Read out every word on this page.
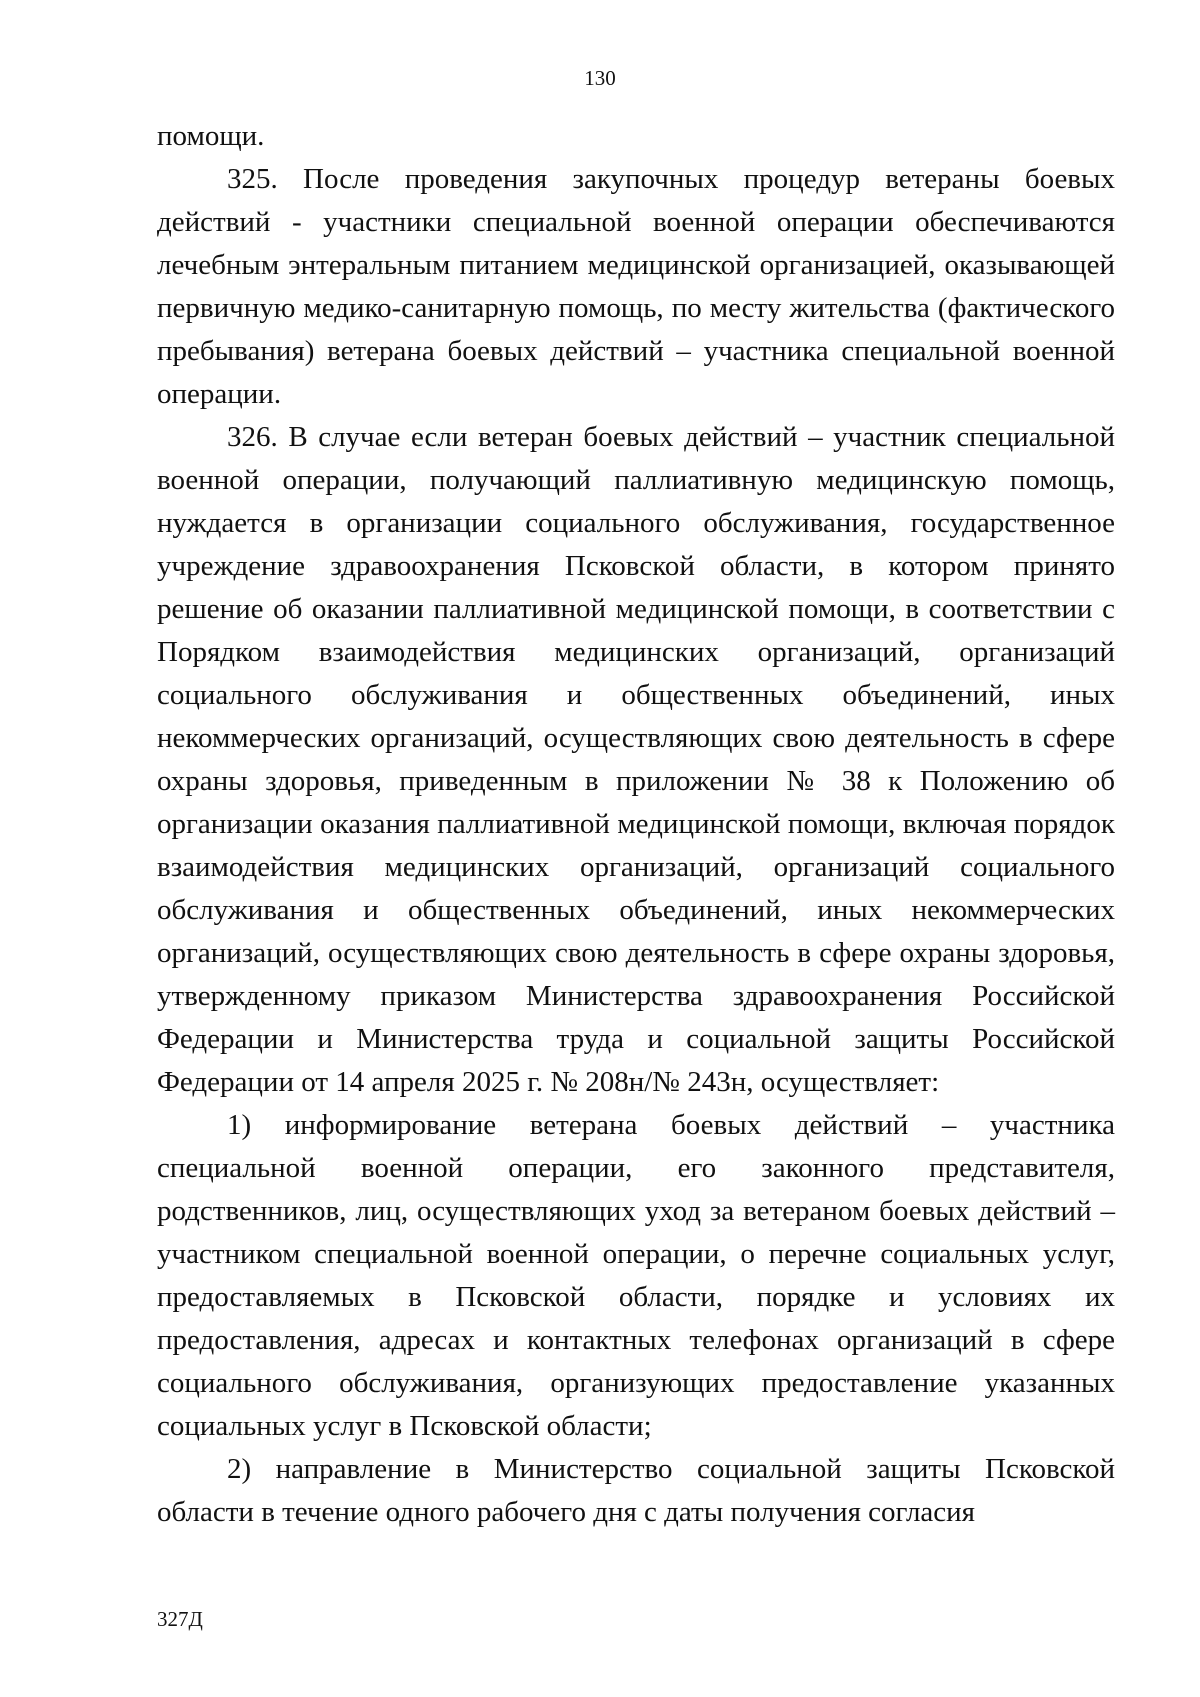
130

помощи.

325. После проведения закупочных процедур ветераны боевых действий - участники специальной военной операции обеспечиваются лечебным энтеральным питанием медицинской организацией, оказывающей первичную медико-санитарную помощь, по месту жительства (фактического пребывания) ветерана боевых действий – участника специальной военной операции.

326. В случае если ветеран боевых действий – участник специальной военной операции, получающий паллиативную медицинскую помощь, нуждается в организации социального обслуживания, государственное учреждение здравоохранения Псковской области, в котором принято решение об оказании паллиативной медицинской помощи, в соответствии с Порядком взаимодействия медицинских организаций, организаций социального обслуживания и общественных объединений, иных некоммерческих организаций, осуществляющих свою деятельность в сфере охраны здоровья, приведенным в приложении № 38 к Положению об организации оказания паллиативной медицинской помощи, включая порядок взаимодействия медицинских организаций, организаций социального обслуживания и общественных объединений, иных некоммерческих организаций, осуществляющих свою деятельность в сфере охраны здоровья, утвержденному приказом Министерства здравоохранения Российской Федерации и Министерства труда и социальной защиты Российской Федерации от 14 апреля 2025 г. № 208н/№ 243н, осуществляет:

1) информирование ветерана боевых действий – участника специальной военной операции, его законного представителя, родственников, лиц, осуществляющих уход за ветераном боевых действий – участником специальной военной операции, о перечне социальных услуг, предоставляемых в Псковской области, порядке и условиях их предоставления, адресах и контактных телефонах организаций в сфере социального обслуживания, организующих предоставление указанных социальных услуг в Псковской области;

2) направление в Министерство социальной защиты Псковской области в течение одного рабочего дня с даты получения согласия

327Д
